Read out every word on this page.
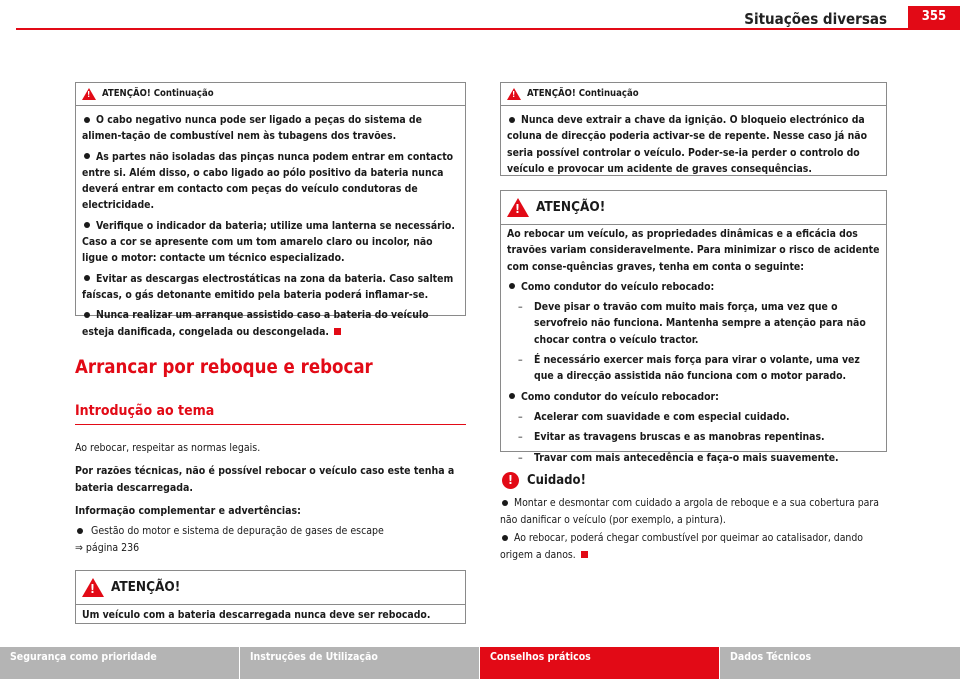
Situações diversas	355
!
ATENÇÃO! Continuação

O cabo negativo nunca pode ser ligado a peças do sistema de alimen-tação de combustível nem às tubagens dos travões.

As partes não isoladas das pinças nunca podem entrar em contacto entre si. Além disso, o cabo ligado ao pólo positivo da bateria nunca deverá entrar em contacto com peças do veículo condutoras de electricidade.

Verifique o indicador da bateria; utilize uma lanterna se necessário. Caso a cor se apresente com um tom amarelo claro ou incolor, não ligue o motor: contacte um técnico especializado.

Evitar as descargas electrostáticas na zona da bateria. Caso saltem faíscas, o gás detonante emitido pela bateria poderá inflamar-se.

Nunca realizar um arranque assistido caso a bateria do veículo esteja danificada, congelada ou descongelada.

Arrancar por reboque e rebocar
Introdução ao tema
Ao rebocar, respeitar as normas legais.
Por razões técnicas, não é possível rebocar o veículo caso este tenha a bateria descarregada.
Informação complementar e advertências:
Gestão do motor e sistema de depuração de gases de escape
⇒ página 236
!
ATENÇÃO!
Um veículo com a bateria descarregada nunca deve ser rebocado.
!
ATENÇÃO! Continuação

Nunca deve extrair a chave da ignição. O bloqueio electrónico da coluna de direcção poderia activar-se de repente. Nesse caso já não seria possível controlar o veículo. Poder-se-ia perder o controlo do veículo e provocar um acidente de graves consequências.

!
ATENÇÃO!

Ao rebocar um veículo, as propriedades dinâmicas e a eficácia dos travões variam consideravelmente. Para minimizar o risco de acidente com conse-quências graves, tenha em conta o seguinte:

Como condutor do veículo rebocado:

– Deve pisar o travão com muito mais força, uma vez que o servofreio não funciona. Mantenha sempre a atenção para não chocar contra o veículo tractor.

– É necessário exercer mais força para virar o volante, uma vez que a direcção assistida não funciona com o motor parado.

Como condutor do veículo rebocador:

– Acelerar com suavidade e com especial cuidado.

– Evitar as travagens bruscas e as manobras repentinas.

– Travar com mais antecedência e faça-o mais suavemente.

!	Cuidado!
Montar e desmontar com cuidado a argola de reboque e a sua cobertura para não danificar o veículo (por exemplo, a pintura).
Ao rebocar, poderá chegar combustível por queimar ao catalisador, dando origem a danos.
Segurança como prioridade	Instruções de Utilização	Conselhos práticos	Dados Técnicos
